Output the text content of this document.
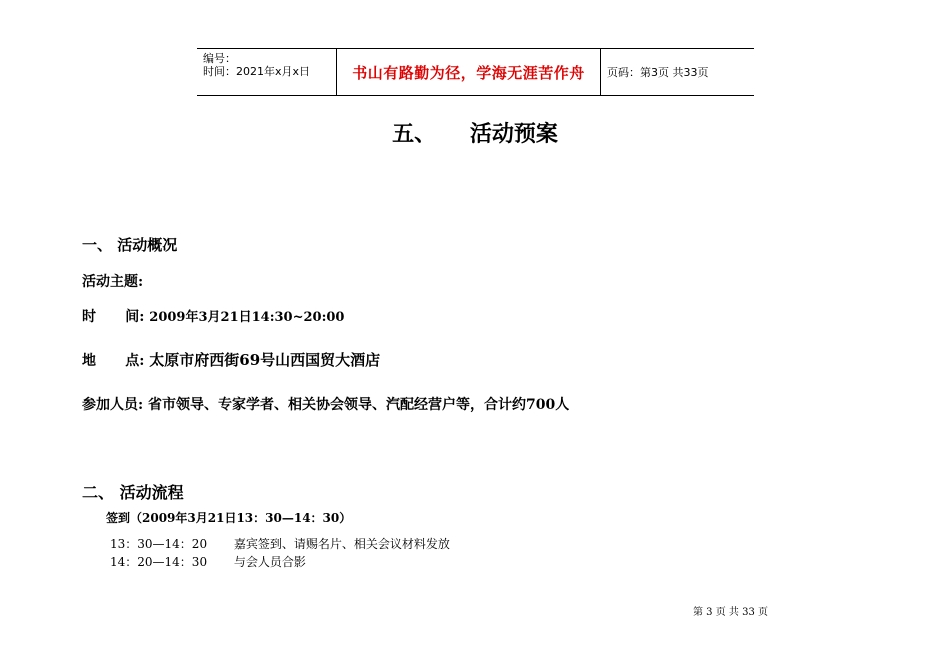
编号：
时间：2021年x月x日	书山有路勤为径，学海无涯苦作舟	页码：第3页 共33页
五、 活动预案
一、 活动概况
活动主题:
时      间: 2009年3月21日14:30~20:00
地      点: 太原市府西街69号山西国贸大酒店
参加人员: 省市领导、专家学者、相关协会领导、汽配经营户等，合计约700人
二、 活动流程
签到（2009年3月21日13：30—14：30）
13：30—14：20 嘉宾签到、请赐名片、相关会议材料发放
14：20—14：30 与会人员合影
第 3 页 共 33 页
